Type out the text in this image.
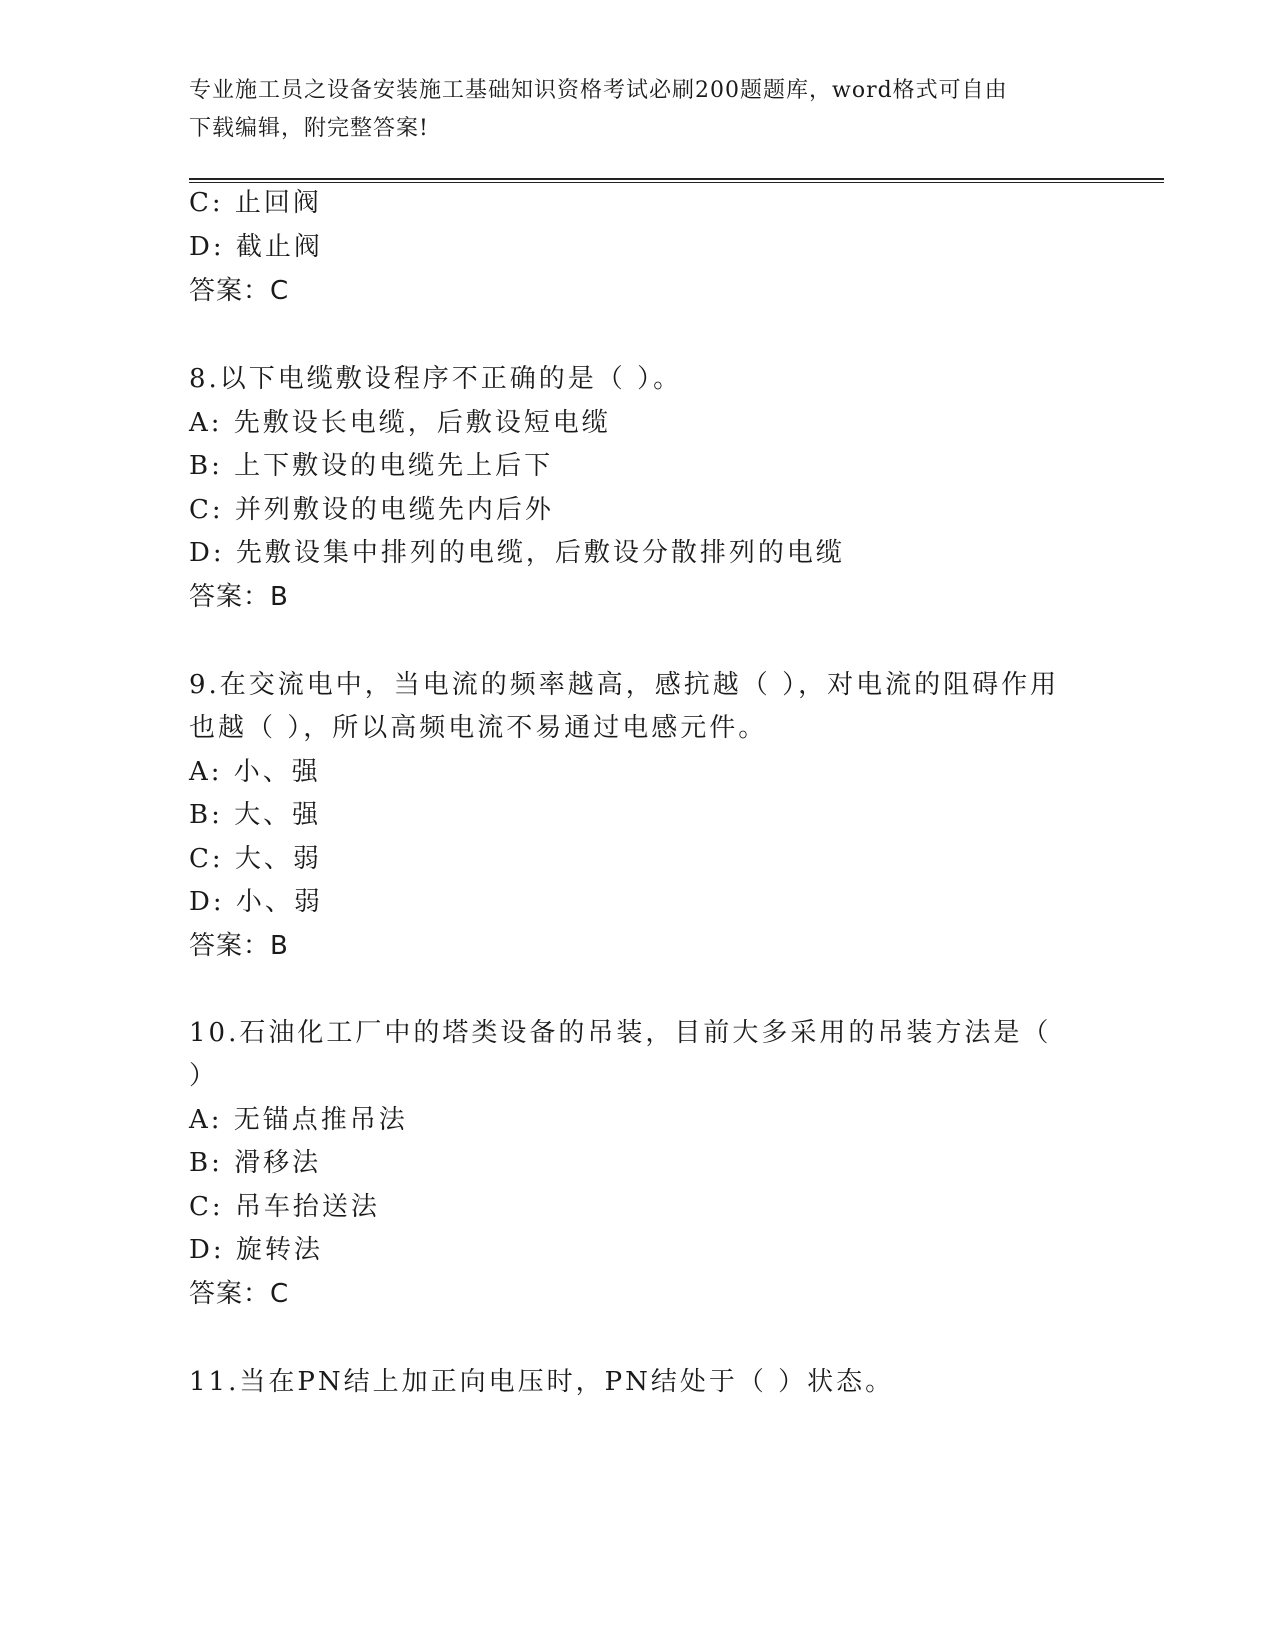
专业施工员之设备安装施工基础知识资格考试必刷200题题库，word格式可自由
下载编辑，附完整答案!
C: 止回阀
D: 截止阀
答案：C
8.以下电缆敷设程序不正确的是（ ）。
A: 先敷设长电缆，后敷设短电缆
B: 上下敷设的电缆先上后下
C: 并列敷设的电缆先内后外
D: 先敷设集中排列的电缆，后敷设分散排列的电缆
答案：B
9.在交流电中，当电流的频率越高，感抗越（ ），对电流的阻碍作用
也越（ ），所以高频电流不易通过电感元件。
A: 小、强
B: 大、强
C: 大、弱
D: 小、弱
答案：B
10.石油化工厂中的塔类设备的吊装，目前大多采用的吊装方法是（
）
A: 无锚点推吊法
B: 滑移法
C: 吊车抬送法
D: 旋转法
答案：C
11.当在PN结上加正向电压时，PN结处于（ ）状态。
